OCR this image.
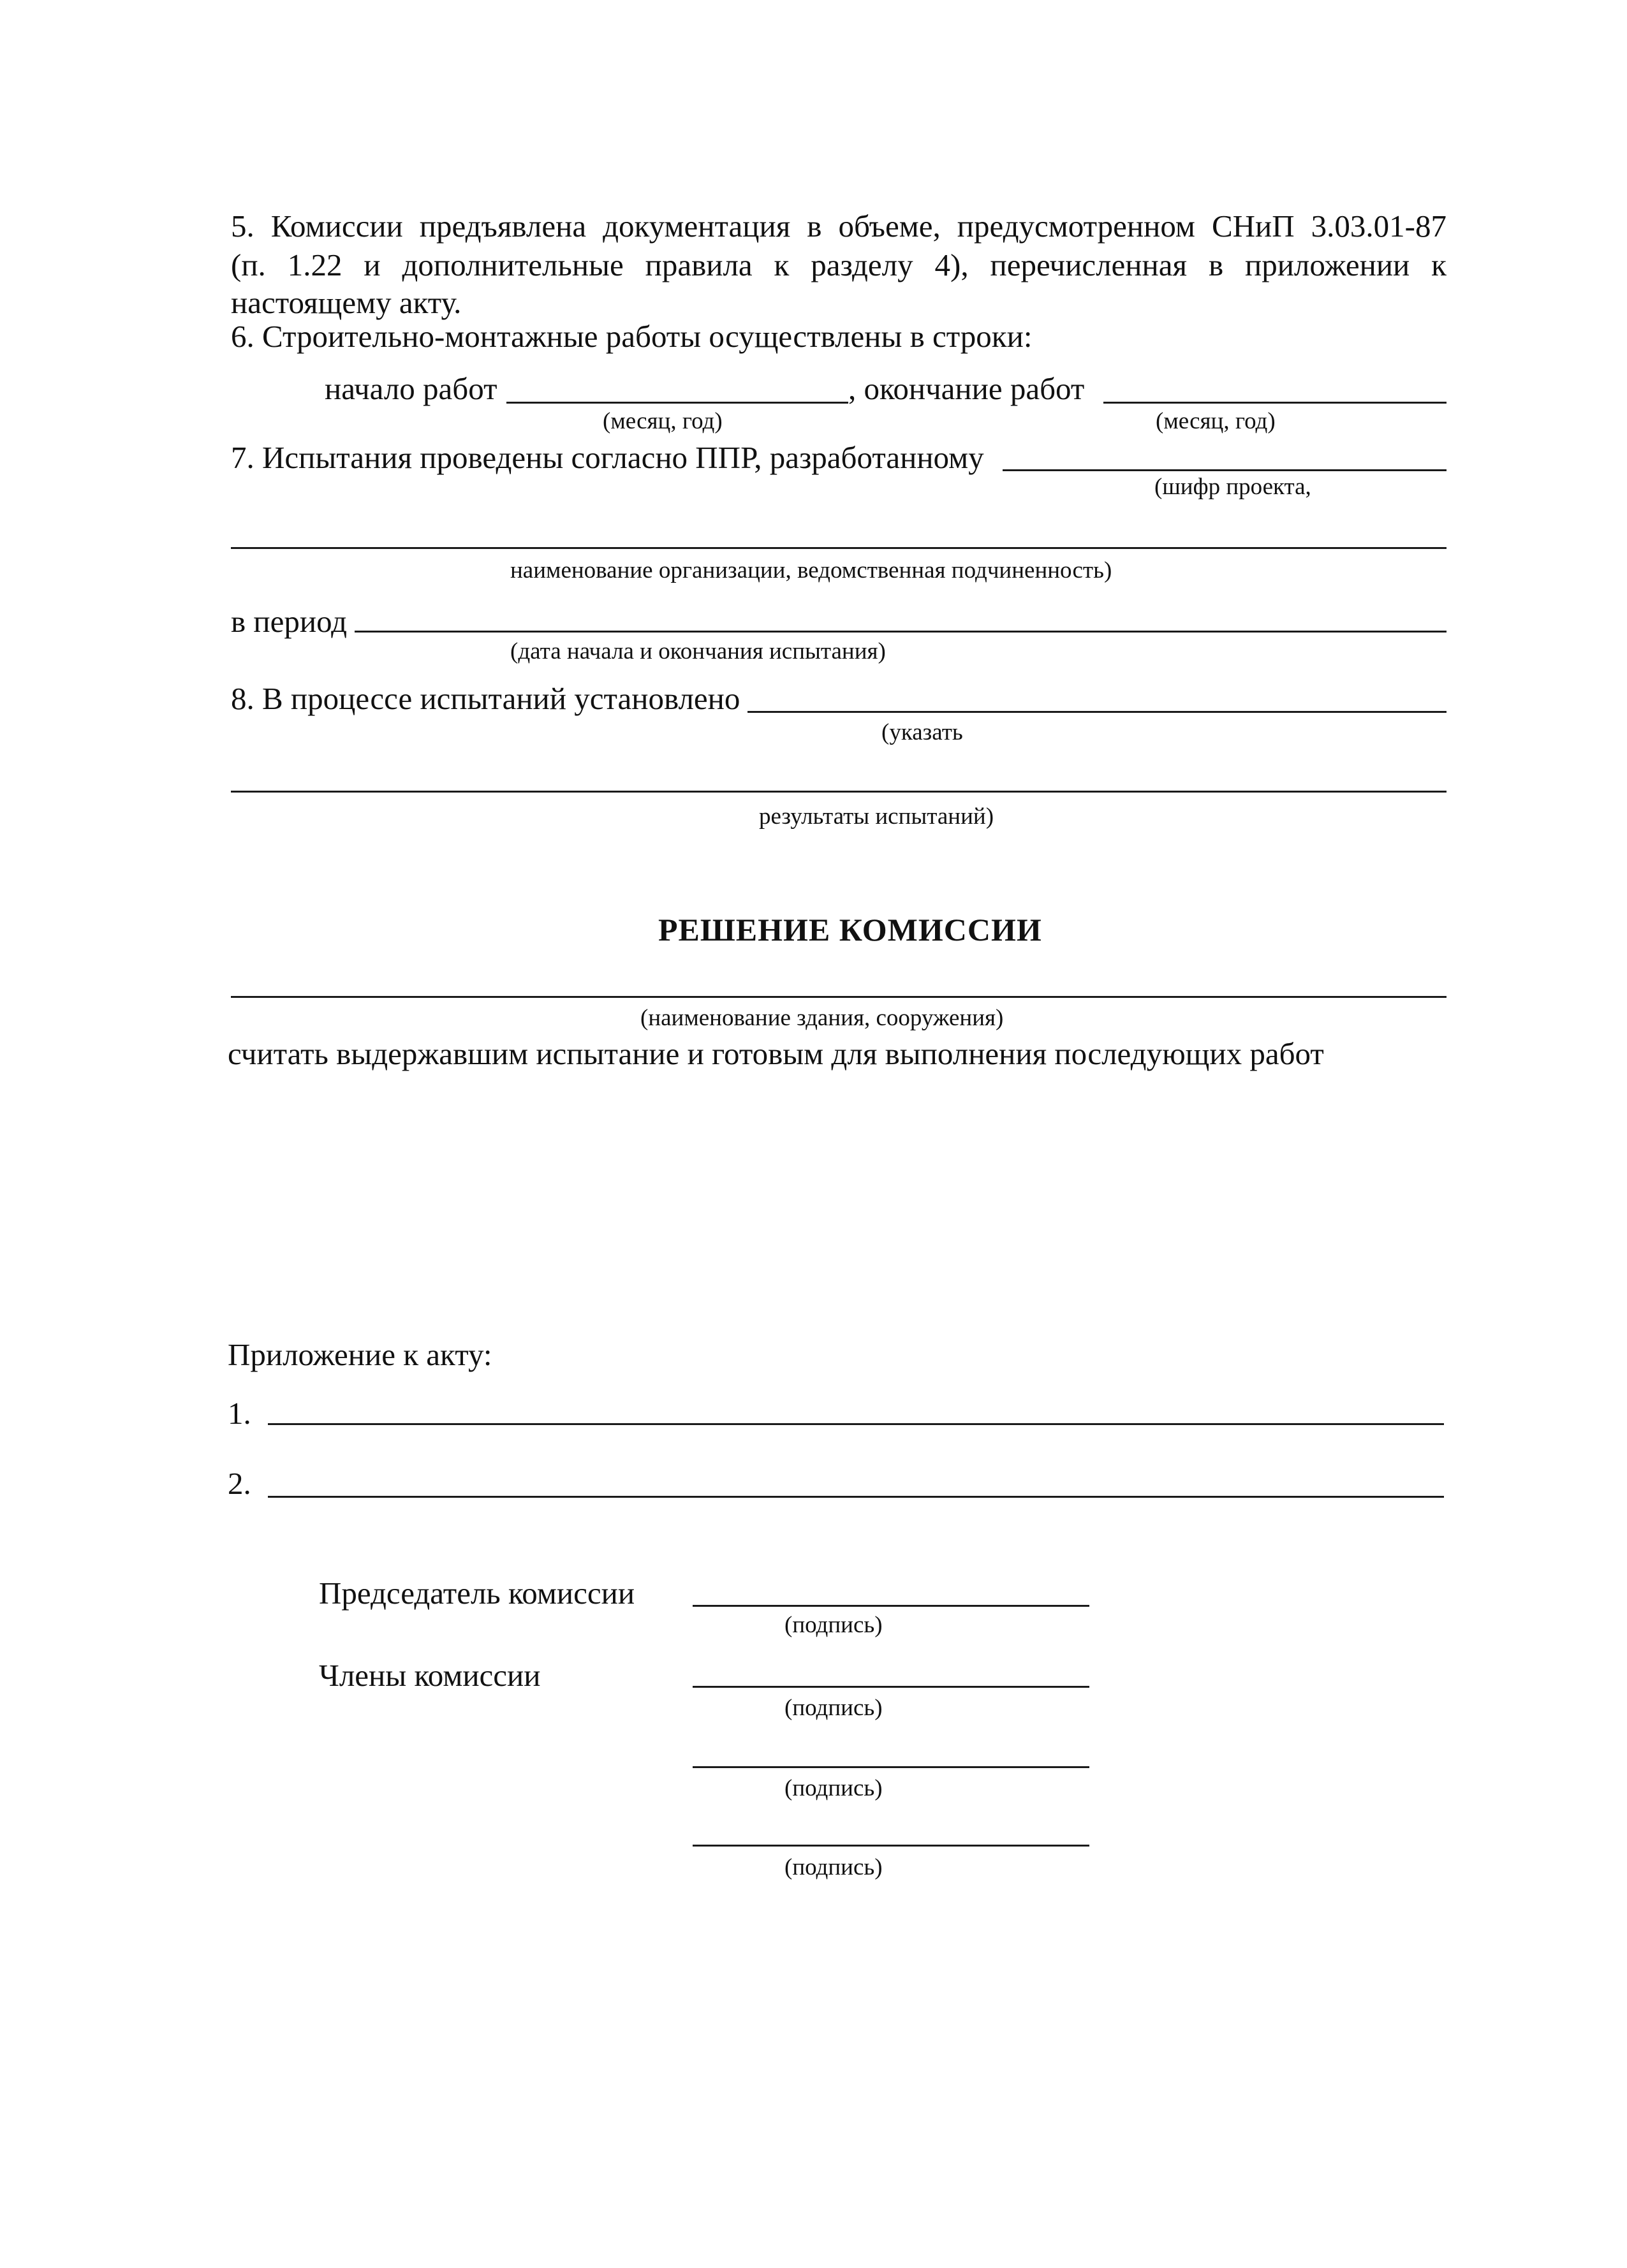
5. Комиссии предъявлена документация в объеме, предусмотренном СНиП 3.03.01-87
(п. 1.22 и дополнительные правила к разделу 4), перечисленная в приложении к
настоящему акту.
6. Строительно-монтажные работы осуществлены в строки:
начало работ	, окончание работ
(месяц, год)	(месяц, год)
7. Испытания проведены согласно ППР, разработанному
(шифр проекта,
наименование организации, ведомственная подчиненность)
в период
(дата начала и окончания испытания)
8. В процессе испытаний установлено
(указать
результаты испытаний)
РЕШЕНИЕ КОМИССИИ
(наименование здания, сооружения)
считать выдержавшим испытание и готовым для выполнения последующих работ
Приложение к акту:
1.
2.
Председатель комиссии
(подпись)
Члены комиссии
(подпись)
(подпись)
(подпись)
